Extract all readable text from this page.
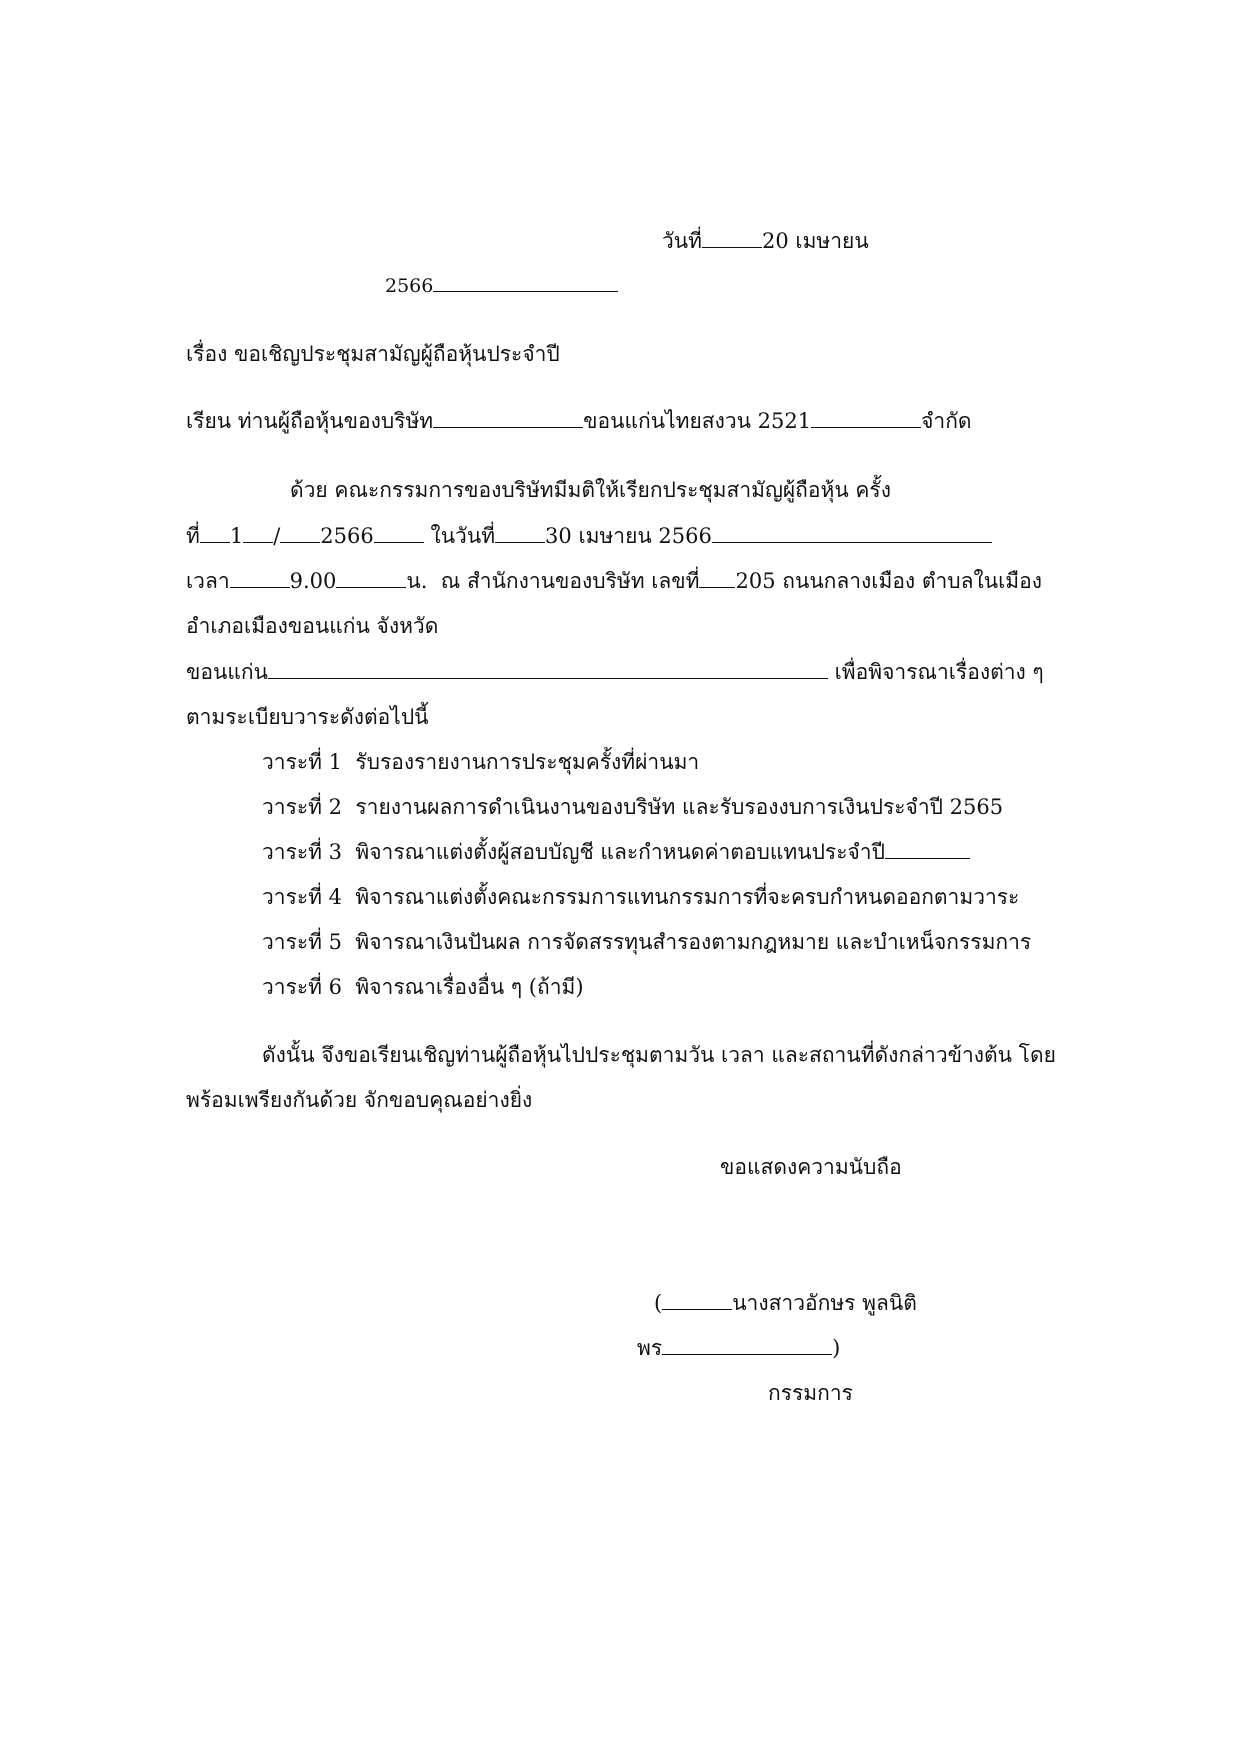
วันที่	20 เมษายน
2566
เรื่อง ขอเชิญประชุมสามัญผู้ถือหุ้นประจำปี
เรียน ท่านผู้ถือหุ้นของบริษัท	ขอนแก่นไทยสงวน 2521	จำกัด
ด้วย คณะกรรมการของบริษัทมีมติให้เรียกประชุมสามัญผู้ถือหุ้น ครั้ง
ที่ 1 / 2566	ในวันที่ 30 เมษายน 2566
เวลา	9.00	น. ณ สำนักงานของบริษัท เลขที่ 205 ถนนกลางเมือง ตำบลในเมือง
อำเภอเมืองขอนแก่น จังหวัด
ขอนแก่น	เพื่อพิจารณาเรื่องต่าง ๆ
ตามระเบียบวาระดังต่อไปนี้
วาระที่ 1 รับรองรายงานการประชุมครั้งที่ผ่านมา
วาระที่ 2 รายงานผลการดำเนินงานของบริษัท และรับรองงบการเงินประจำปี 2565
วาระที่ 3 พิจารณาแต่งตั้งผู้สอบบัญชี และกำหนดค่าตอบแทนประจำปี
วาระที่ 4 พิจารณาแต่งตั้งคณะกรรมการแทนกรรมการที่จะครบกำหนดออกตามวาระ
วาระที่ 5 พิจารณาเงินปันผล การจัดสรรทุนสำรองตามกฎหมาย และบำเหน็จกรรมการ
วาระที่ 6 พิจารณาเรื่องอื่น ๆ (ถ้ามี)
ดังนั้น จึงขอเรียนเชิญท่านผู้ถือหุ้นไปประชุมตามวัน เวลา และสถานที่ดังกล่าวข้างต้น โดย
พร้อมเพรียงกันด้วย จักขอบคุณอย่างยิ่ง
ขอแสดงความนับถือ
(	นางสาวอักษร พูลนิติ
พร	)
กรรมการ
